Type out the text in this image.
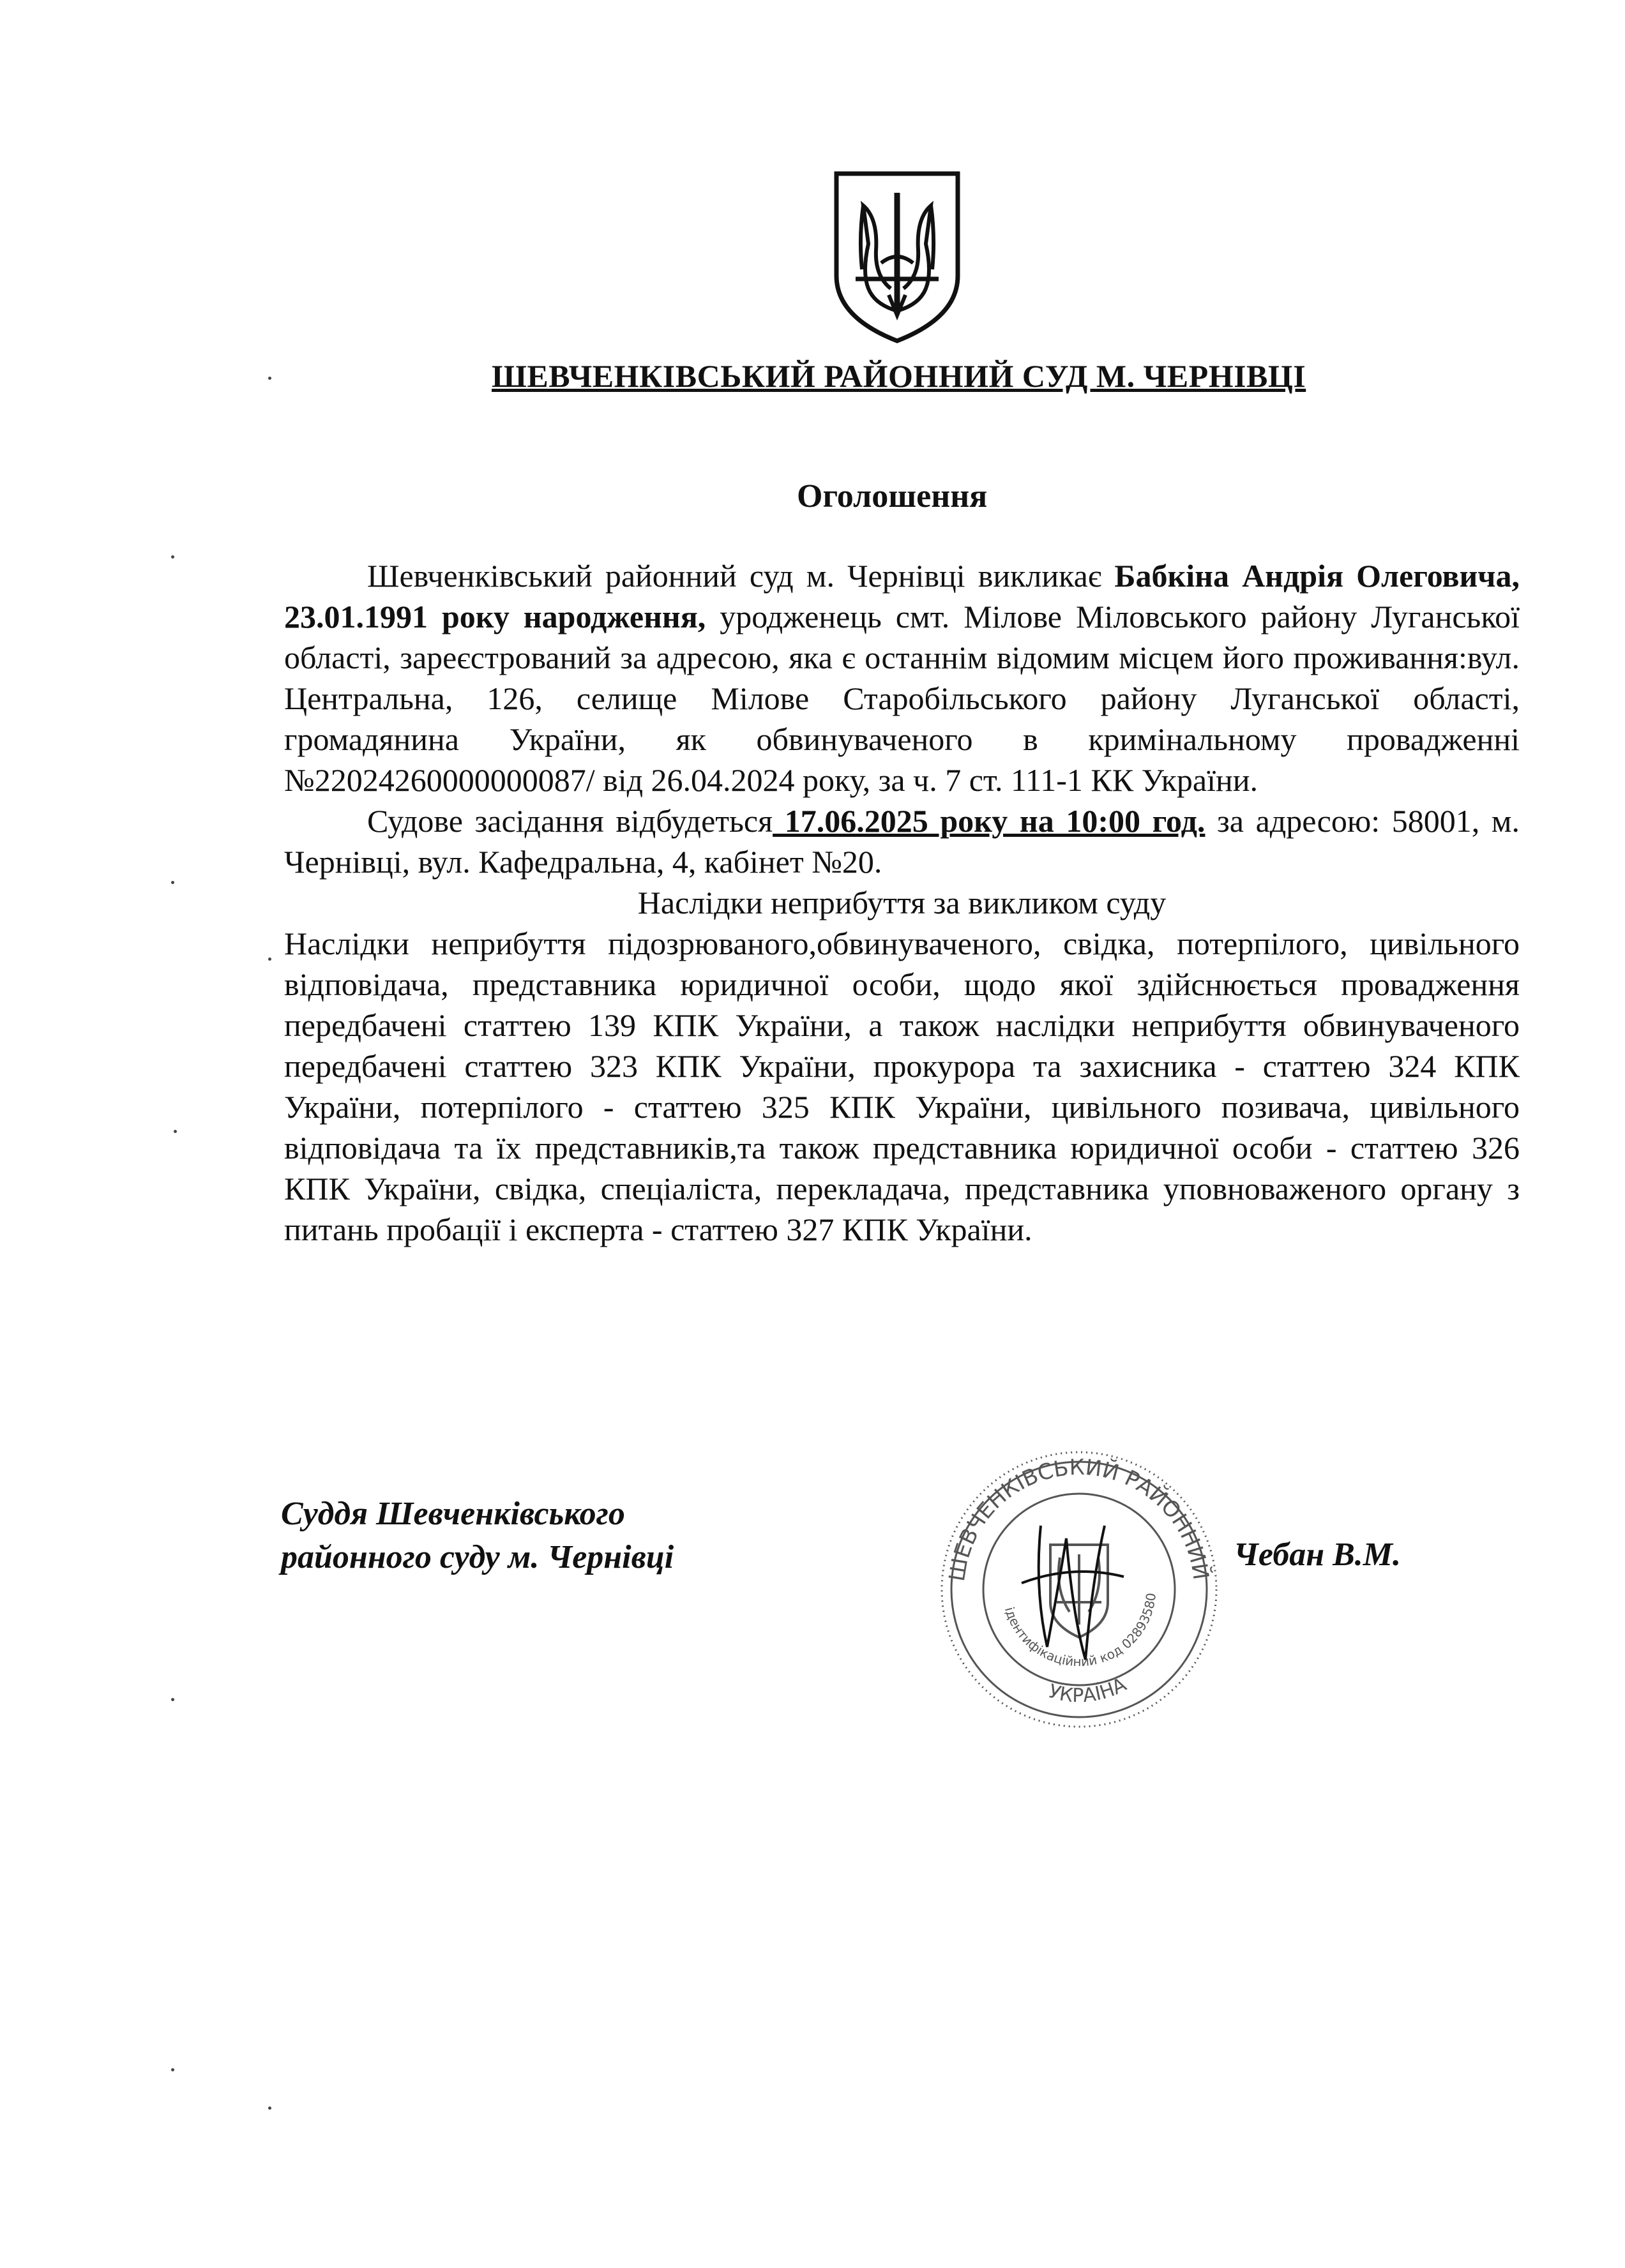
ШЕВЧЕНКІВСЬКИЙ РАЙОННИЙ СУД М. ЧЕРНІВЦІ
Оголошення

Шевченківський районний суд м. Чернівці викликає Бабкіна Андрія Олеговича, 23.01.1991 року народження, уродженець смт. Мілове Міловського району Луганської області, зареєстрований за адресою, яка є останнім відомим місцем його проживання:вул. Центральна, 126, селище Мілове Старобільського району Луганської області, громадянина України, як обвинуваченого в кримінальному провадженні №22024260000000087/ від 26.04.2024 року, за ч. 7 ст. 111-1 КК України.

Судове засідання відбудеться 17.06.2025 року на 10:00 год. за адресою: 58001, м. Чернівці, вул. Кафедральна, 4, кабінет №20.

Наслідки неприбуття за викликом суду

Наслідки неприбуття підозрюваного,обвинуваченого, свідка, потерпілого, цивільного відповідача, представника юридичної особи, щодо якої здійснюється провадження передбачені статтею 139 КПК України, а також наслідки неприбуття обвинуваченого передбачені статтею 323 КПК України, прокурора та захисника - статтею 324 КПК України, потерпілого - статтею 325 КПК України, цивільного позивача, цивільного відповідача та їх представників,та також представника юридичної особи - статтею 326 КПК України, свідка, спеціаліста, перекладача, представника уповноваженого органу з питань пробації і експерта - статтею 327 КПК України.

Суддя Шевченківського
районного суду м. Чернівці	ШЕВЧЕНКІВСЬКИЙ РАЙОННИЙ
УКРАЇНА
ідентифікаційний код 02893580
Чебан В.М.
